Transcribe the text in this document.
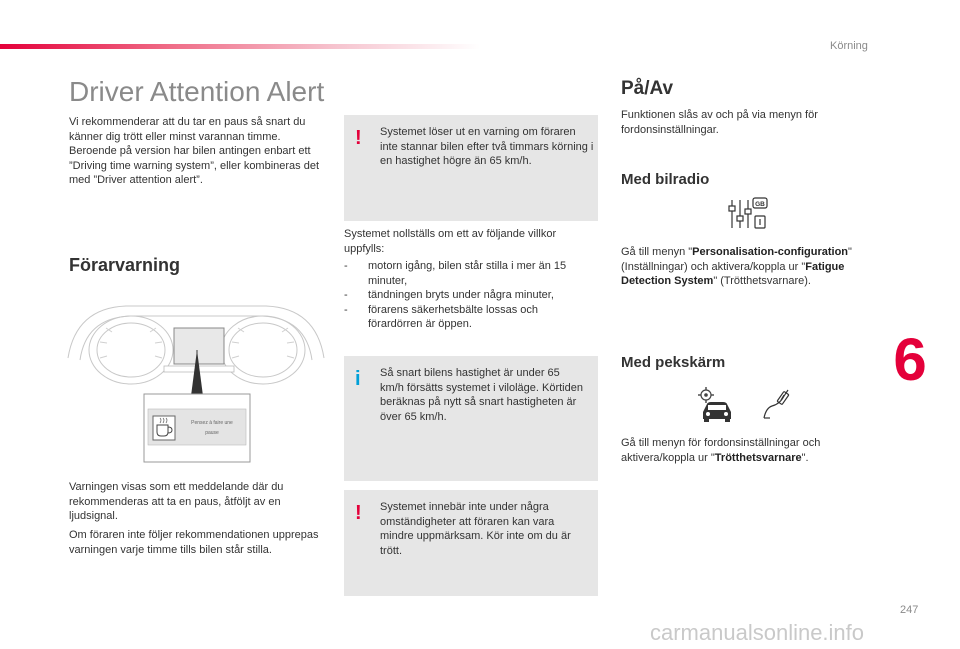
Körning
Driver Attention Alert

Vi rekommenderar att du tar en paus så snart du känner dig trött eller minst varannan timme. Beroende på version har bilen antingen enbart ett ”Driving time warning system”, eller kombineras det med ”Driver attention alert”.

Förarvarning
Pensez à faire une
pause

Varningen visas som ett meddelande där du rekommenderas att ta en paus, åtföljt av en ljudsignal.

Om föraren inte följer rekommendationen upprepas varningen varje timme tills bilen står stilla.

! Systemet löser ut en varning om föraren inte stannar bilen efter två timmars körning i en hastighet högre än 65 km/h.

Systemet nollställs om ett av följande villkor uppfylls:

- motorn igång, bilen står stilla i mer än 15 minuter,
- tändningen bryts under några minuter,
- förarens säkerhetsbälte lossas och förardörren är öppen.
i Så snart bilens hastighet är under 65 km/h försätts systemet i viloläge. Körtiden beräknas på nytt så snart hastigheten är över 65 km/h.

! Systemet innebär inte under några omständigheter att föraren kan vara mindre uppmärksam. Kör inte om du är trött.

På/Av

Funktionen slås av och på via menyn för fordonsinställningar.

Med bilradio
GB

Gå till menyn "Personalisation-configuration" (Inställningar) och aktivera/koppla ur "Fatigue Detection System" (Trötthetsvarnare).

Med pekskärm

Gå till menyn för fordonsinställningar och aktivera/koppla ur "Trötthetsvarnare".

6
247
carmanualsonline.info
